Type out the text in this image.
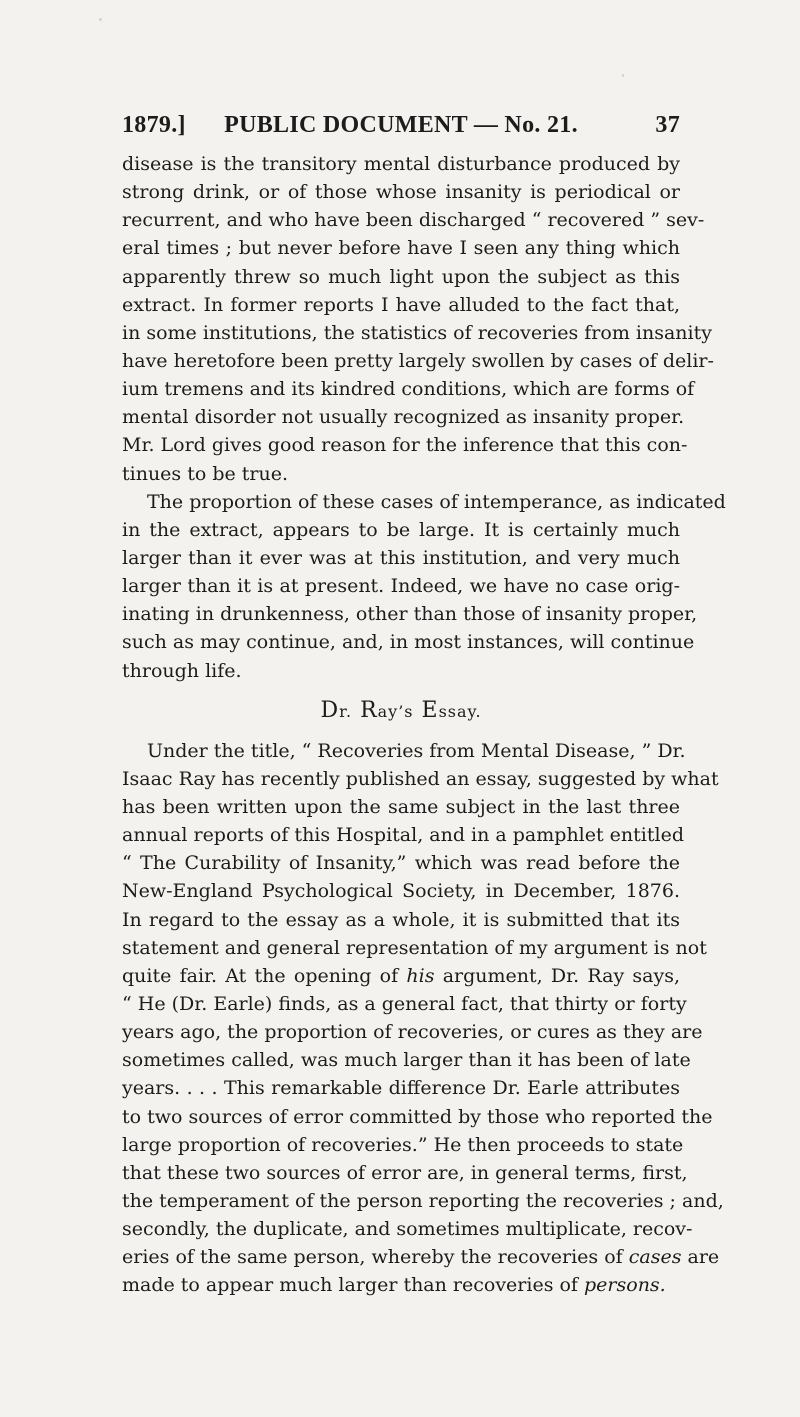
1879.]	PUBLIC DOCUMENT — No. 21.	37
disease is the transitory mental disturbance produced by
strong drink, or of those whose insanity is periodical or
recurrent, and who have been discharged “ recovered ” sev-
eral times ; but never before have I seen any thing which
apparently threw so much light upon the subject as this
extract. In former reports I have alluded to the fact that,
in some institutions, the statistics of recoveries from insanity
have heretofore been pretty largely swollen by cases of delir-
ium tremens and its kindred conditions, which are forms of
mental disorder not usually recognized as insanity proper.
Mr. Lord gives good reason for the inference that this con-
tinues to be true.
The proportion of these cases of intemperance, as indicated
in the extract, appears to be large. It is certainly much
larger than it ever was at this institution, and very much
larger than it is at present. Indeed, we have no case orig-
inating in drunkenness, other than those of insanity proper,
such as may continue, and, in most instances, will continue
through life.
Dr. Ray’s Essay.
Under the title, “ Recoveries from Mental Disease, ” Dr.
Isaac Ray has recently published an essay, suggested by what
has been written upon the same subject in the last three
annual reports of this Hospital, and in a pamphlet entitled
“ The Curability of Insanity,” which was read before the
New-England Psychological Society, in December, 1876.
In regard to the essay as a whole, it is submitted that its
statement and general representation of my argument is not
quite fair. At the opening of his argument, Dr. Ray says,
“ He (Dr. Earle) finds, as a general fact, that thirty or forty
years ago, the proportion of recoveries, or cures as they are
sometimes called, was much larger than it has been of late
years. . . . This remarkable difference Dr. Earle attributes
to two sources of error committed by those who reported the
large proportion of recoveries.” He then proceeds to state
that these two sources of error are, in general terms, first,
the temperament of the person reporting the recoveries ; and,
secondly, the duplicate, and sometimes multiplicate, recov-
eries of the same person, whereby the recoveries of cases are
made to appear much larger than recoveries of persons.
